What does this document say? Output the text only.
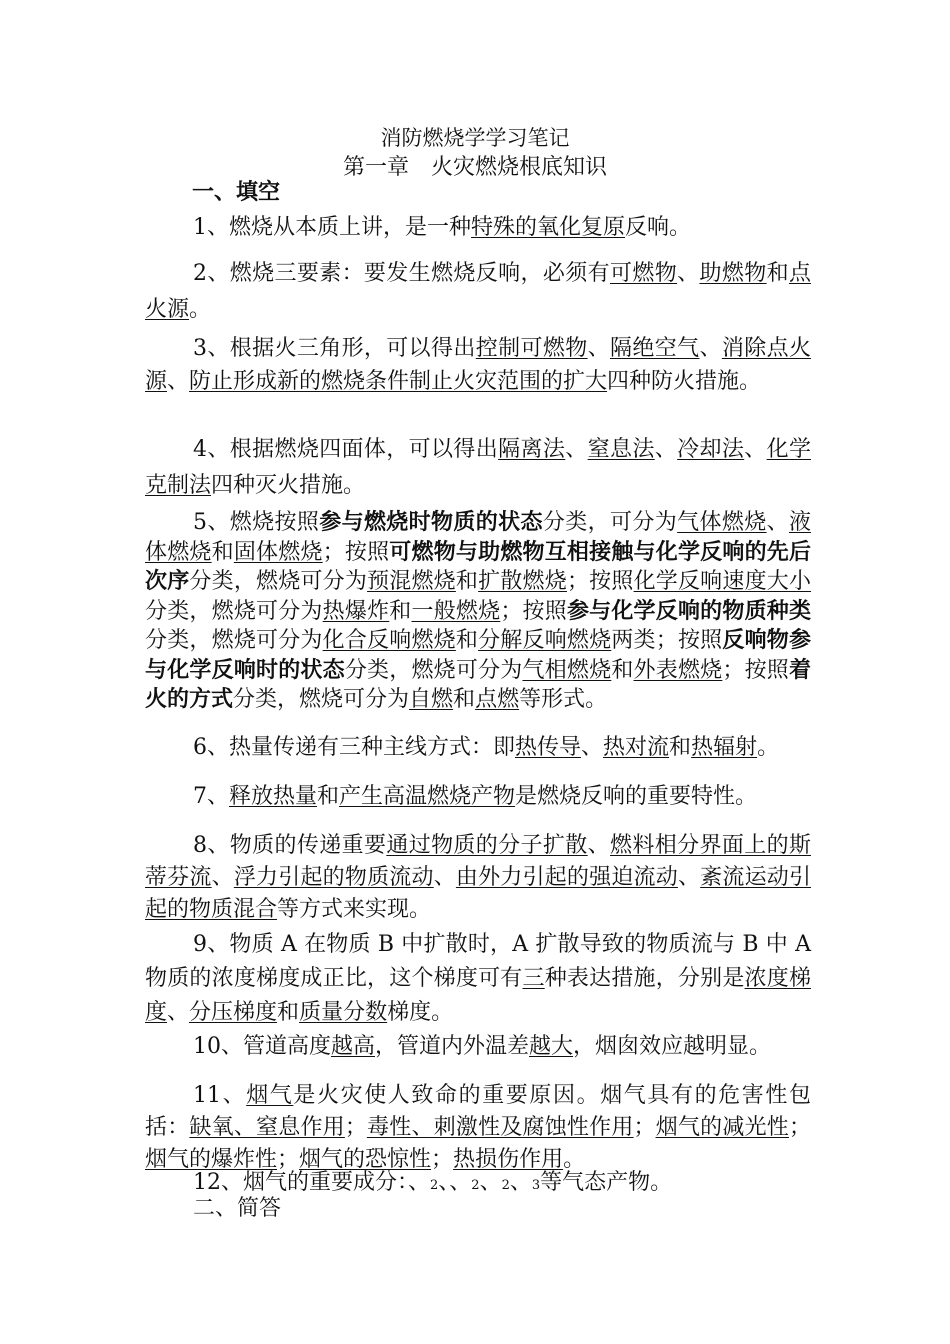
消防燃烧学学习笔记
第一章　火灾燃烧根底知识
一、填空
1、燃烧从本质上讲，是一种特殊的氧化复原反响。
2、燃烧三要素：要发生燃烧反响，必须有可燃物、助燃物和点火源。
3、根据火三角形，可以得出控制可燃物、隔绝空气、消除点火源、防止形成新的燃烧条件制止火灾范围的扩大四种防火措施。
4、根据燃烧四面体，可以得出隔离法、窒息法、冷却法、化学克制法四种灭火措施。
5、燃烧按照参与燃烧时物质的状态分类，可分为气体燃烧、液体燃烧和固体燃烧；按照可燃物与助燃物互相接触与化学反响的先后次序分类，燃烧可分为预混燃烧和扩散燃烧；按照化学反响速度大小分类，燃烧可分为热爆炸和一般燃烧；按照参与化学反响的物质种类分类，燃烧可分为化合反响燃烧和分解反响燃烧两类；按照反响物参与化学反响时的状态分类，燃烧可分为气相燃烧和外表燃烧；按照着火的方式分类，燃烧可分为自燃和点燃等形式。
6、热量传递有三种主线方式：即热传导、热对流和热辐射。
7、释放热量和产生高温燃烧产物是燃烧反响的重要特性。
8、物质的传递重要通过物质的分子扩散、燃料相分界面上的斯蒂芬流、浮力引起的物质流动、由外力引起的强迫流动、紊流运动引起的物质混合等方式来实现。
9、物质 A 在物质 B 中扩散时，A 扩散导致的物质流与 B 中 A 物质的浓度梯度成正比，这个梯度可有三种表达措施，分别是浓度梯度、分压梯度和质量分数梯度。
10、管道高度越高，管道内外温差越大，烟囱效应越明显。
11、烟气是火灾使人致命的重要原因。烟气具有的危害性包括：缺氧、窒息作用；毒性、刺激性及腐蚀性作用；烟气的减光性；烟气的爆炸性；烟气的恐惊性；热损伤作用。
12、烟气的重要成分：、2、、2、2、3等气态产物。
二、简答
